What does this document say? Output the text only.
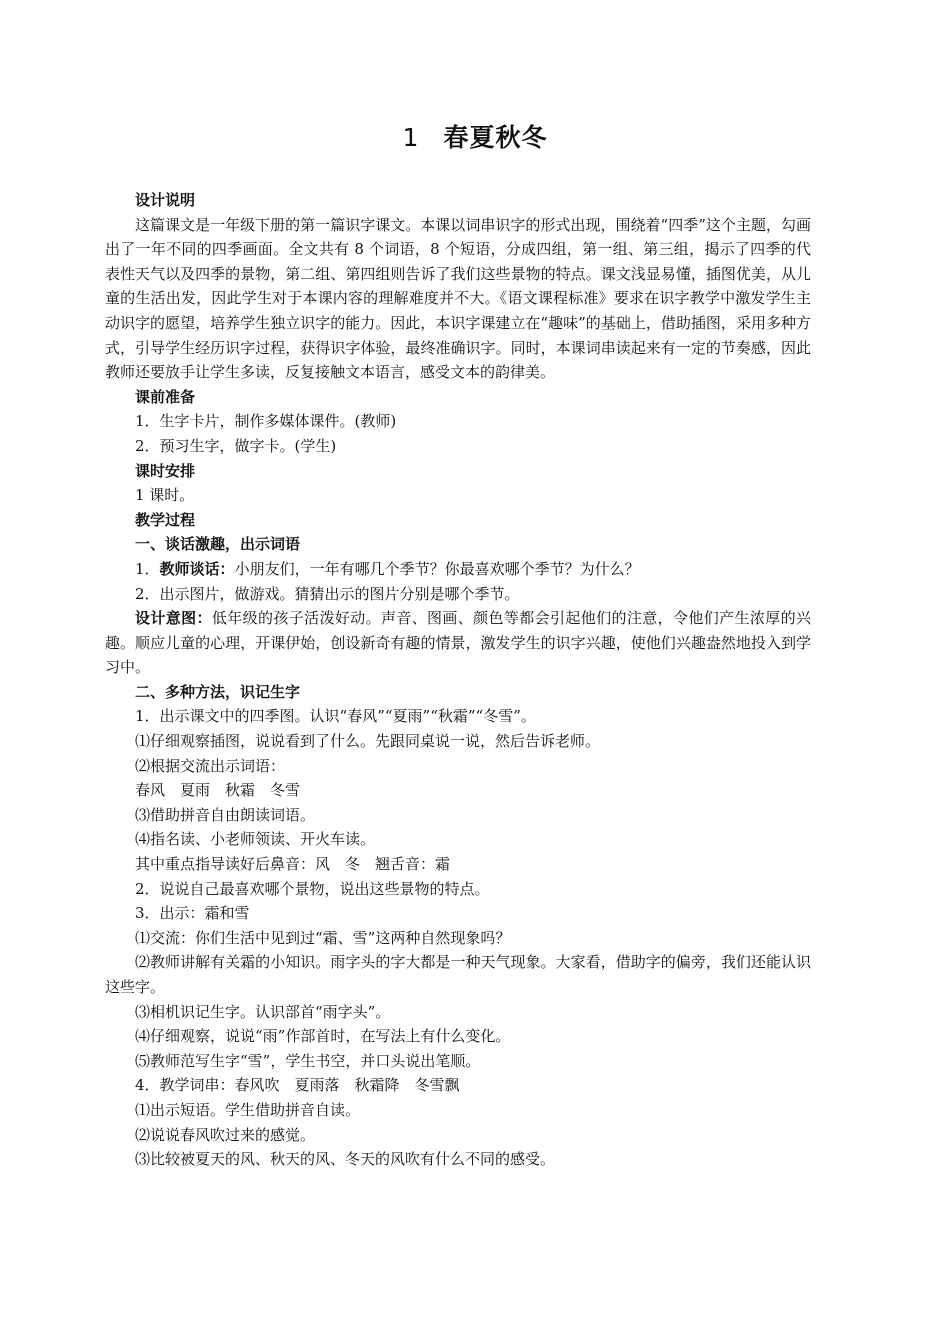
1 春夏秋冬

设计说明

这篇课文是一年级下册的第一篇识字课文。本课以词串识字的形式出现，围绕着“四季”这个主题，勾画出了一年不同的四季画面。全文共有 8 个词语，8 个短语，分成四组，第一组、第三组，揭示了四季的代表性天气以及四季的景物，第二组、第四组则告诉了我们这些景物的特点。课文浅显易懂，插图优美，从儿童的生活出发，因此学生对于本课内容的理解难度并不大。《语文课程标准》要求在识字教学中激发学生主动识字的愿望，培养学生独立识字的能力。因此，本识字课建立在“趣味”的基础上，借助插图，采用多种方式，引导学生经历识字过程，获得识字体验，最终准确识字。同时，本课词串读起来有一定的节奏感，因此教师还要放手让学生多读，反复接触文本语言，感受文本的韵律美。

课前准备

1．生字卡片，制作多媒体课件。(教师)

2．预习生字，做字卡。(学生)

课时安排

1 课时。

教学过程

一、谈话激趣，出示词语

1．教师谈话：小朋友们，一年有哪几个季节？你最喜欢哪个季节？为什么？

2．出示图片，做游戏。猜猜出示的图片分别是哪个季节。

设计意图：低年级的孩子活泼好动。声音、图画、颜色等都会引起他们的注意，令他们产生浓厚的兴趣。顺应儿童的心理，开课伊始，创设新奇有趣的情景，激发学生的识字兴趣，使他们兴趣盎然地投入到学习中。

二、多种方法，识记生字

1．出示课文中的四季图。认识“春风”“夏雨”“秋霜”“冬雪”。

⑴仔细观察插图，说说看到了什么。先跟同桌说一说，然后告诉老师。

⑵根据交流出示词语：

春风　夏雨　秋霜　冬雪

⑶借助拼音自由朗读词语。

⑷指名读、小老师领读、开火车读。

其中重点指导读好后鼻音：风　冬　翘舌音：霜

2．说说自己最喜欢哪个景物，说出这些景物的特点。

3．出示：霜和雪

⑴交流：你们生活中见到过“霜、雪”这两种自然现象吗？

⑵教师讲解有关霜的小知识。雨字头的字大都是一种天气现象。大家看，借助字的偏旁，我们还能认识这些字。

⑶相机识记生字。认识部首“雨字头”。

⑷仔细观察，说说“雨”作部首时，在写法上有什么变化。

⑸教师范写生字“雪”，学生书空，并口头说出笔顺。

4．教学词串：春风吹　夏雨落　秋霜降　冬雪飘

⑴出示短语。学生借助拼音自读。

⑵说说春风吹过来的感觉。

⑶比较被夏天的风、秋天的风、冬天的风吹有什么不同的感受。
